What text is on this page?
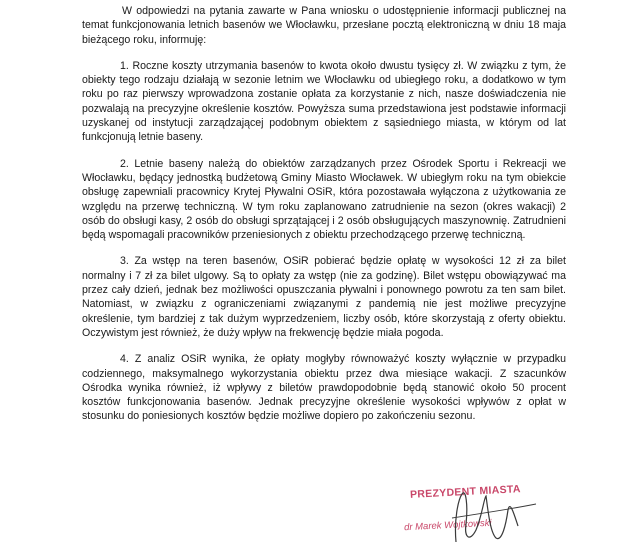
W odpowiedzi na pytania zawarte w Pana wniosku o udostępnienie informacji publicznej na temat funkcjonowania letnich basenów we Włocławku, przesłane pocztą elektroniczną w dniu 18 maja bieżącego roku, informuję:

1. Roczne koszty utrzymania basenów to kwota około dwustu tysięcy zł. W związku z tym, że obiekty tego rodzaju działają w sezonie letnim we Włocławku od ubiegłego roku, a dodatkowo w tym roku po raz pierwszy wprowadzona zostanie opłata za korzystanie z nich, nasze doświadczenia nie pozwalają na precyzyjne określenie kosztów. Powyższa suma przedstawiona jest podstawie informacji uzyskanej od instytucji zarządzającej podobnym obiektem z sąsiedniego miasta, w którym od lat funkcjonują letnie baseny.

2. Letnie baseny należą do obiektów zarządzanych przez Ośrodek Sportu i Rekreacji we Włocławku, będący jednostką budżetową Gminy Miasto Włocławek. W ubiegłym roku na tym obiekcie obsługę zapewniali pracownicy Krytej Pływalni OSiR, która pozostawała wyłączona z użytkowania ze względu na przerwę techniczną. W tym roku zaplanowano zatrudnienie na sezon (okres wakacji) 2 osób do obsługi kasy, 2 osób do obsługi sprzątającej i 2 osób obsługujących maszynownię. Zatrudnieni będą wspomagali pracowników przeniesionych z obiektu przechodzącego przerwę techniczną.

3. Za wstęp na teren basenów, OSiR pobierać będzie opłatę w wysokości 12 zł za bilet normalny i 7 zł za bilet ulgowy. Są to opłaty za wstęp (nie za godzinę). Bilet wstępu obowiązywać ma przez cały dzień, jednak bez możliwości opuszczania pływalni i ponownego powrotu za ten sam bilet. Natomiast, w związku z ograniczeniami związanymi z pandemią nie jest możliwe precyzyjne określenie, tym bardziej z tak dużym wyprzedzeniem, liczby osób, które skorzystają z oferty obiektu. Oczywistym jest również, że duży wpływ na frekwencję będzie miała pogoda.

4. Z analiz OSiR wynika, że opłaty mogłyby równoważyć koszty wyłącznie w przypadku codziennego, maksymalnego wykorzystania obiektu przez dwa miesiące wakacji. Z szacunków Ośrodka wynika również, iż wpływy z biletów prawdopodobnie będą stanowić około 50 procent kosztów funkcjonowania basenów. Jednak precyzyjne określenie wysokości wpływów z opłat w stosunku do poniesionych kosztów będzie możliwe dopiero po zakończeniu sezonu.

PREZYDENT MIASTA
dr Marek Wojtkowski
